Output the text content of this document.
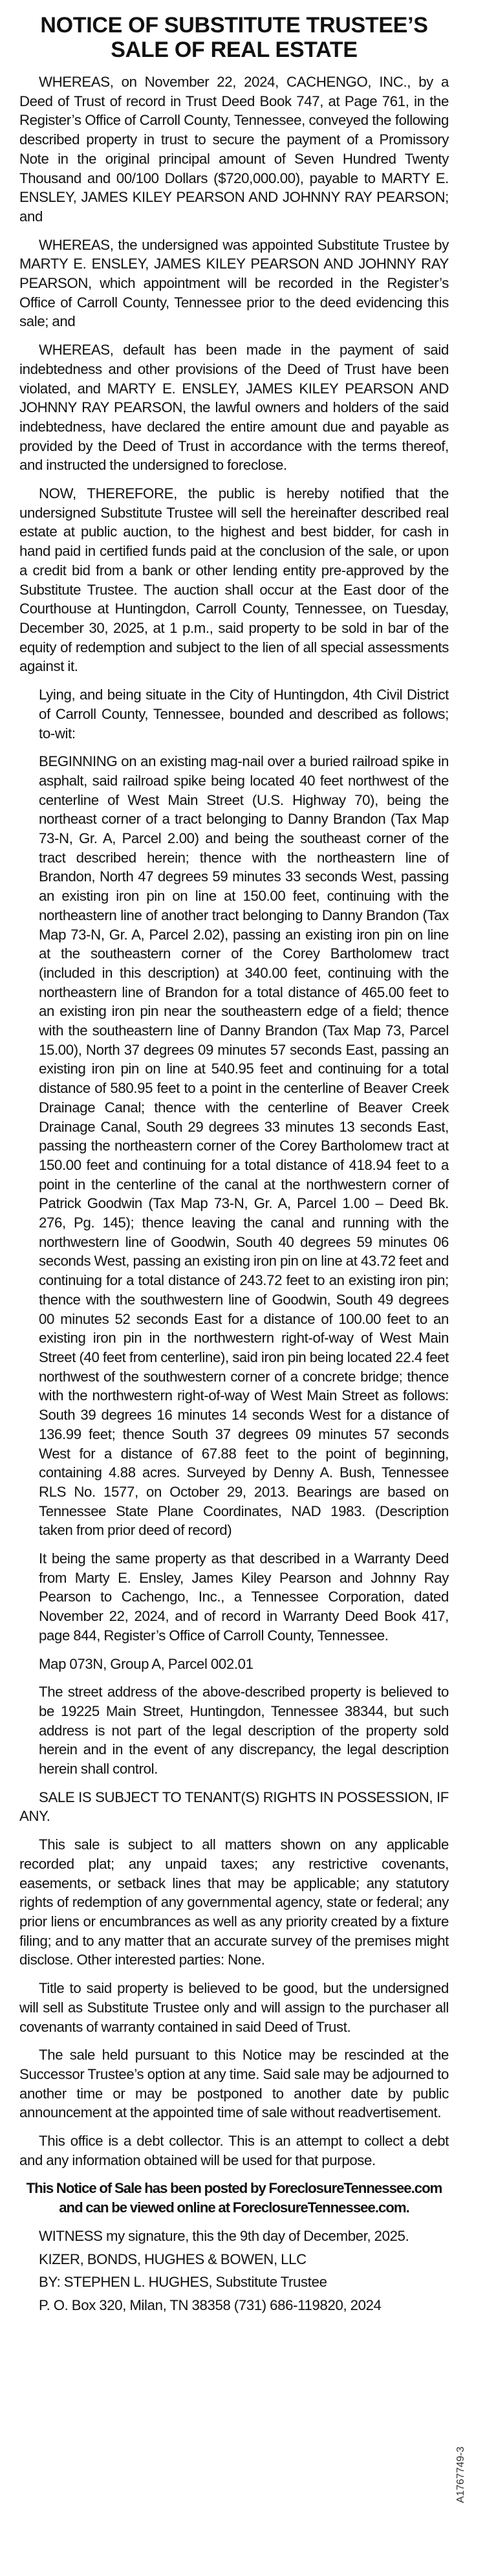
NOTICE OF SUBSTITUTE TRUSTEE’S
SALE OF REAL ESTATE

WHEREAS, on November 22, 2024, CACHENGO, INC., by a Deed of Trust of record in Trust Deed Book 747, at Page 761, in the Register’s Office of Carroll County, Tennessee, conveyed the following described property in trust to secure the payment of a Promissory Note in the original principal amount of Seven Hundred Twenty Thousand and 00/100 Dollars ($720,000.00), payable to MARTY E. ENSLEY, JAMES KILEY PEARSON AND JOHNNY RAY PEARSON; and

WHEREAS, the undersigned was appointed Substitute Trustee by MARTY E. ENSLEY, JAMES KILEY PEARSON AND JOHNNY RAY PEARSON, which appointment will be recorded in the Register’s Office of Carroll County, Tennessee prior to the deed evidencing this sale; and

WHEREAS, default has been made in the payment of said indebtedness and other provisions of the Deed of Trust have been violated, and MARTY E. ENSLEY, JAMES KILEY PEARSON AND JOHNNY RAY PEARSON, the lawful owners and holders of the said indebtedness, have declared the entire amount due and payable as provided by the Deed of Trust in accordance with the terms thereof, and instructed the undersigned to foreclose.

NOW, THEREFORE, the public is hereby notified that the undersigned Substitute Trustee will sell the hereinafter described real estate at public auction, to the highest and best bidder, for cash in hand paid in certified funds paid at the conclusion of the sale, or upon a credit bid from a bank or other lending entity pre-approved by the Substitute Trustee. The auction shall occur at the East door of the Courthouse at Huntingdon, Carroll County, Tennessee, on Tuesday, December 30, 2025, at 1 p.m., said property to be sold in bar of the equity of redemption and subject to the lien of all special assessments against it.

Lying, and being situate in the City of Huntingdon, 4th Civil District of Carroll County, Tennessee, bounded and described as follows; to-wit:

BEGINNING on an existing mag-nail over a buried railroad spike in asphalt, said railroad spike being located 40 feet northwest of the centerline of West Main Street (U.S. Highway 70), being the northeast corner of a tract belonging to Danny Brandon (Tax Map 73-N, Gr. A, Parcel 2.00) and being the southeast corner of the tract described herein; thence with the northeastern line of Brandon, North 47 degrees 59 minutes 33 seconds West, passing an existing iron pin on line at 150.00 feet, continuing with the northeastern line of another tract belonging to Danny Brandon (Tax Map 73-N, Gr. A, Parcel 2.02), passing an existing iron pin on line at the southeastern corner of the Corey Bartholomew tract (included in this description) at 340.00 feet, continuing with the northeastern line of Brandon for a total distance of 465.00 feet to an existing iron pin near the southeastern edge of a field; thence with the southeastern line of Danny Brandon (Tax Map 73, Parcel 15.00), North 37 degrees 09 minutes 57 seconds East, passing an existing iron pin on line at 540.95 feet and continuing for a total distance of 580.95 feet to a point in the centerline of Beaver Creek Drainage Canal; thence with the centerline of Beaver Creek Drainage Canal, South 29 degrees 33 minutes 13 seconds East, passing the northeastern corner of the Corey Bartholomew tract at 150.00 feet and continuing for a total distance of 418.94 feet to a point in the centerline of the canal at the northwestern corner of Patrick Goodwin (Tax Map 73-N, Gr. A, Parcel 1.00 – Deed Bk. 276, Pg. 145); thence leaving the canal and running with the northwestern line of Goodwin, South 40 degrees 59 minutes 06 seconds West, passing an existing iron pin on line at 43.72 feet and continuing for a total distance of 243.72 feet to an existing iron pin; thence with the southwestern line of Goodwin, South 49 degrees 00 minutes 52 seconds East for a distance of 100.00 feet to an existing iron pin in the northwestern right-of-way of West Main Street (40 feet from centerline), said iron pin being located 22.4 feet northwest of the southwestern corner of a concrete bridge; thence with the northwestern right-of-way of West Main Street as follows: South 39 degrees 16 minutes 14 seconds West for a distance of 136.99 feet; thence South 37 degrees 09 minutes 57 seconds West for a distance of 67.88 feet to the point of beginning, containing 4.88 acres. Surveyed by Denny A. Bush, Tennessee RLS No. 1577, on October 29, 2013. Bearings are based on Tennessee State Plane Coordinates, NAD 1983. (Description taken from prior deed of record)

It being the same property as that described in a Warranty Deed from Marty E. Ensley, James Kiley Pearson and Johnny Ray Pearson to Cachengo, Inc., a Tennessee Corporation, dated November 22, 2024, and of record in Warranty Deed Book 417, page 844, Register’s Office of Carroll County, Tennessee.

Map 073N, Group A, Parcel 002.01

The street address of the above-described property is believed to be 19225 Main Street, Huntingdon, Tennessee 38344, but such address is not part of the legal description of the property sold herein and in the event of any discrepancy, the legal description herein shall control.

SALE IS SUBJECT TO TENANT(S) RIGHTS IN POSSESSION, IF ANY.

This sale is subject to all matters shown on any applicable recorded plat; any unpaid taxes; any restrictive covenants, easements, or setback lines that may be applicable; any statutory rights of redemption of any governmental agency, state or federal; any prior liens or encumbrances as well as any priority created by a fixture filing; and to any matter that an accurate survey of the premises might disclose. Other interested parties: None.

Title to said property is believed to be good, but the undersigned will sell as Substitute Trustee only and will assign to the purchaser all covenants of warranty contained in said Deed of Trust.

The sale held pursuant to this Notice may be rescinded at the Successor Trustee’s option at any time. Said sale may be adjourned to another time or may be postponed to another date by public announcement at the appointed time of sale without readvertisement.

This office is a debt collector. This is an attempt to collect a debt and any information obtained will be used for that purpose.

This Notice of Sale has been posted by ForeclosureTennessee.com and can be viewed online at ForeclosureTennessee.com.

WITNESS my signature, this the 9th day of December, 2025.

KIZER, BONDS, HUGHES & BOWEN, LLC

BY: STEPHEN L. HUGHES, Substitute Trustee

P. O. Box 320, Milan, TN 38358 (731) 686-119820, 2024

A1767749-3
